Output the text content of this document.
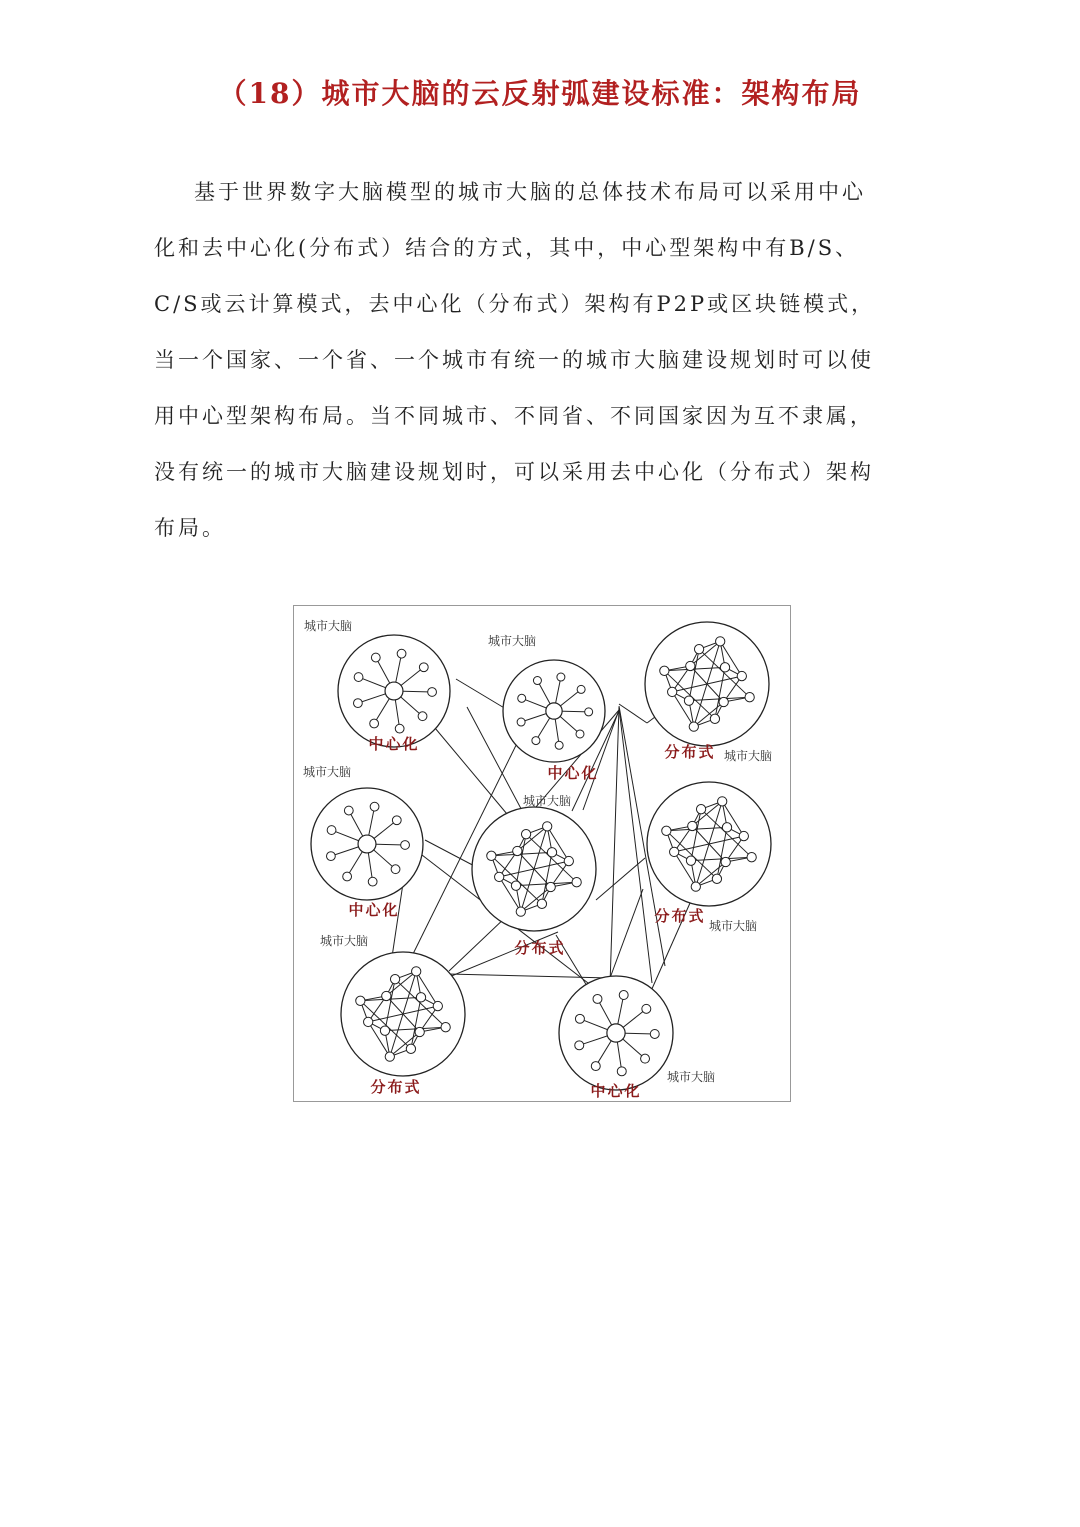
（18）城市大脑的云反射弧建设标准：架构布局
基于世界数字大脑模型的城市大脑的总体技术布局可以采用中心
化和去中心化(分布式）结合的方式，其中，中心型架构中有B/S、
C/S或云计算模式，去中心化（分布式）架构有P2P或区块链模式，
当一个国家、一个省、一个城市有统一的城市大脑建设规划时可以使
用中心型架构布局。当不同城市、不同省、不同国家因为互不隶属，
没有统一的城市大脑建设规划时，可以采用去中心化（分布式）架构
布局。
城市大脑
中心化
城市大脑
中心化
城市大脑
分布式
城市大脑
中心化
城市大脑
分布式
城市大脑
分布式
城市大脑
分布式
城市大脑
中心化
